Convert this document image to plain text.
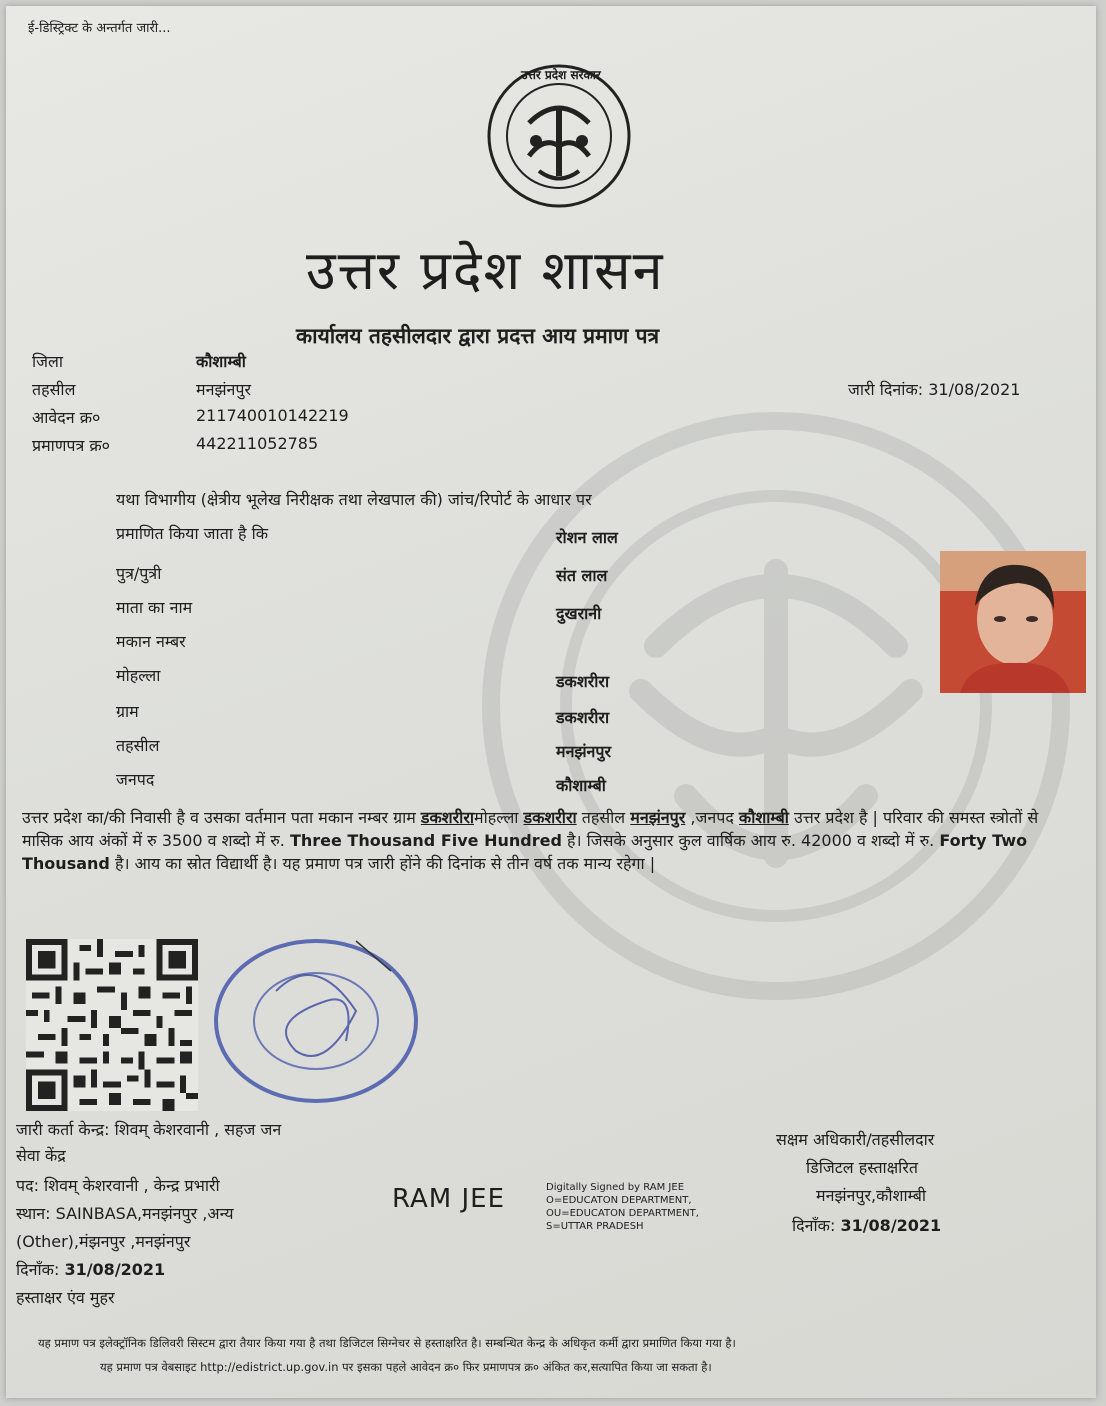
ई-डिस्ट्रिक्ट के अन्तर्गत जारी...
उत्तर प्रदेश सरकार
उत्तर प्रदेश शासन
कार्यालय तहसीलदार द्वारा प्रदत्त आय प्रमाण पत्र
जिला	कौशाम्बी
तहसील	मनझंनपुर
आवेदन क्र०	211740010142219
प्रमाणपत्र क्र०	442211052785
जारी दिनांक: 31/08/2021
यथा विभागीय (क्षेत्रीय भूलेख निरीक्षक तथा लेखपाल की) जांच/रिपोर्ट के आधार पर
प्रमाणित किया जाता है कि	रोशन लाल
पुत्र/पुत्री	संत लाल
माता का नाम	दुखरानी
मकान नम्बर
मोहल्ला	डकशरीरा
ग्राम	डकशरीरा
तहसील	मनझंनपुर
जनपद	कौशाम्बी
उत्तर प्रदेश का/की निवासी है व उसका वर्तमान पता मकान नम्बर ग्राम डकशरीरामोहल्ला डकशरीरा तहसील मनझंनपुर ,जनपद कौशाम्बी उत्तर प्रदेश है | परिवार की समस्त स्त्रोतों से मासिक आय अंकों में रु 3500 व शब्दो में रु. Three Thousand Five Hundred है। जिसके अनुसार कुल वार्षिक आय रु. 42000 व शब्दो में रु. Forty Two Thousand है। आय का स्रोत विद्यार्थी है। यह प्रमाण पत्र जारी होंने की दिनांक से तीन वर्ष तक मान्य रहेगा |
जारी कर्ता केन्द्र: शिवम् केशरवानी , सहज जन
सेवा केंद्र
पद: शिवम् केशरवानी , केन्द्र प्रभारी
स्थान: SAINBASA,मनझंनपुर ,अन्य
(Other),मंझनपुर ,मनझंनपुर
दिनाँक: 31/08/2021
हस्ताक्षर एंव मुहर
RAM JEE	Digitally Signed by RAM JEE O=EDUCATON DEPARTMENT, OU=EDUCATON DEPARTMENT, S=UTTAR PRADESH
सक्षम अधिकारी/तहसीलदार
डिजिटल हस्ताक्षरित
मनझंनपुर,कौशाम्बी
दिनाँक: 31/08/2021
यह प्रमाण पत्र इलेक्ट्रॉनिक डिलिवरी सिस्टम द्वारा तैयार किया गया है तथा डिजिटल सिग्नेचर से हस्ताक्षरित है। सम्बन्धित केन्द्र के अधिकृत कर्मी द्वारा प्रमाणित किया गया है।
यह प्रमाण पत्र वेबसाइट http://edistrict.up.gov.in पर इसका पहले आवेदन क्र० फिर प्रमाणपत्र क्र० अंकित कर,सत्यापित किया जा सकता है।
